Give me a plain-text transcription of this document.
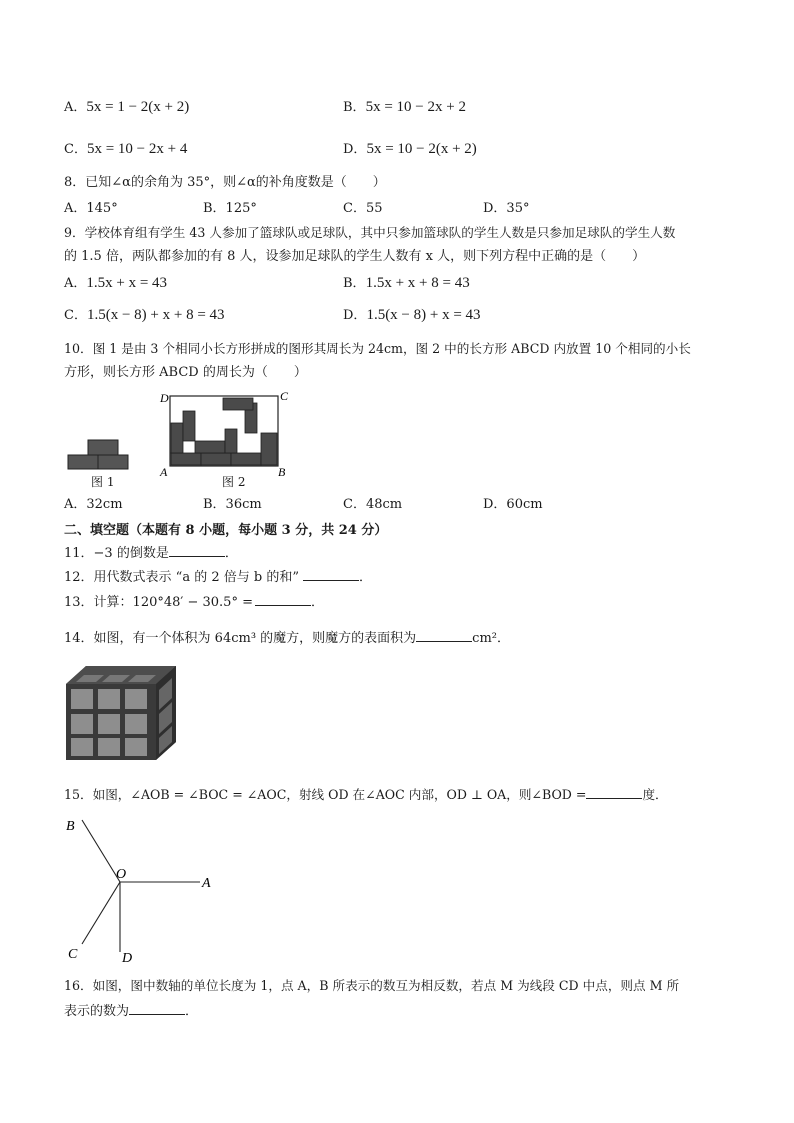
A．5x = 1 − 2(x + 2)	B．5x = 10 − 2x + 2
C．5x = 10 − 2x + 4	D．5x = 10 − 2(x + 2)
8．已知∠α的余角为 35°，则∠α的补角度数是（　　）
A．145°	B．125°	C．55	D．35°
9．学校体育组有学生 43 人参加了篮球队或足球队，其中只参加篮球队的学生人数是只参加足球队的学生人数
的 1.5 倍，两队都参加的有 8 人，设参加足球队的学生人数有 x 人，则下列方程中正确的是（　　）
A．1.5x + x = 43	B．1.5x + x + 8 = 43
C．1.5(x − 8) + x + 8 = 43	D．1.5(x − 8) + x = 43
10．图 1 是由 3 个相同小长方形拼成的图形其周长为 24cm，图 2 中的长方形 ABCD 内放置 10 个相同的小长
方形，则长方形 ABCD 的周长为（　　）
图 1
D	C
A	B
图 2
A．32cm	B．36cm	C．48cm	D．60cm
二、填空题（本题有 8 小题，每小题 3 分，共 24 分）
11．−3 的倒数是	．
12．用代数式表示 “a 的 2 倍与 b 的和”	．
13．计算：120°48′ − 30.5° =	．
14．如图，有一个体积为 64cm³ 的魔方，则魔方的表面积为	cm²．
15．如图，∠AOB = ∠BOC = ∠AOC，射线 OD 在∠AOC 内部，OD ⊥ OA，则∠BOD =	度．
B
O
A
C	D
16．如图，图中数轴的单位长度为 1，点 A，B 所表示的数互为相反数，若点 M 为线段 CD 中点，则点 M 所
表示的数为	．
